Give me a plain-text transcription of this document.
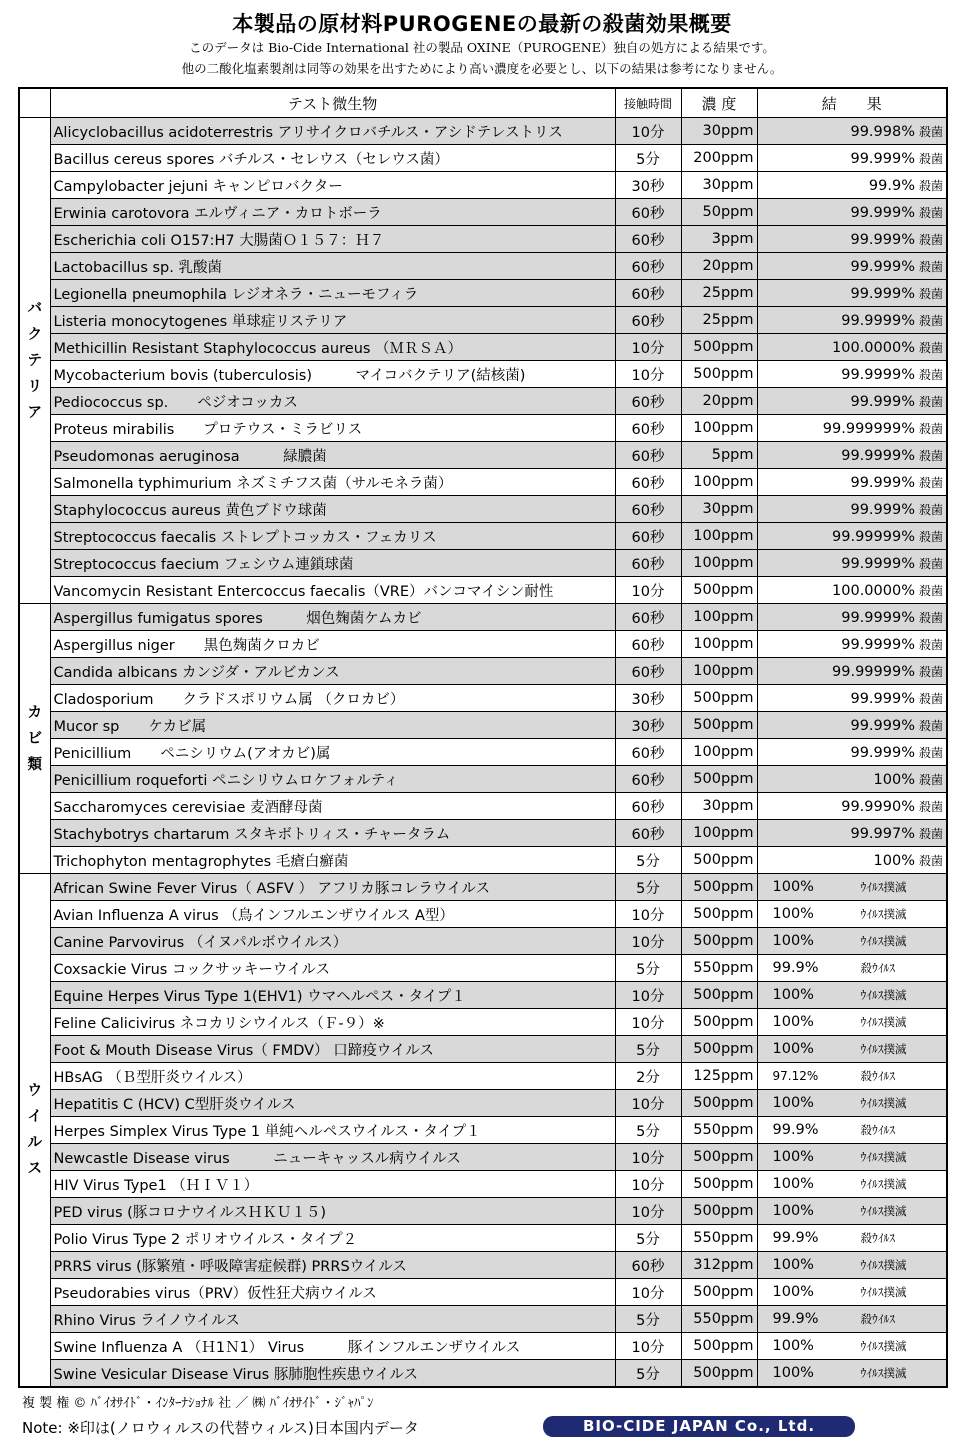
本製品の原材料PUROGENEの最新の殺菌効果概要
このデータは Bio-Cide International 社の製品 OXINE（PUROGENE）独自の処方による結果です。
他の二酸化塩素製剤は同等の効果を出すためにより高い濃度を必要とし、以下の結果は参考になりません。
	テスト微生物	接触時間	濃 度	結　　果

バ
ク
テ
リ
ア	Alicyclobacillus acidoterrestris アリサイクロバチルス・アシドテレストリス	10分	30ppm	99.998% 殺菌
	Bacillus cereus spores バチルス・セレウス（セレウス菌）	5分	200ppm	99.999% 殺菌
	Campylobacter jejuni キャンピロバクター	30秒	30ppm	99.9% 殺菌
	Erwinia carotovora エルヴィニア・カロトボーラ	60秒	50ppm	99.999% 殺菌
	Escherichia coli O157:H7 大腸菌Ｏ１５７：Ｈ７	60秒	3ppm	99.999% 殺菌
	Lactobacillus sp. 乳酸菌	60秒	20ppm	99.999% 殺菌
	Legionella pneumophila レジオネラ・ニューモフィラ	60秒	25ppm	99.999% 殺菌
	Listeria monocytogenes 単球症リステリア	60秒	25ppm	99.9999% 殺菌
	Methicillin Resistant Staphylococcus aureus （ＭＲＳＡ）	10分	500ppm	100.0000% 殺菌
	Mycobacterium bovis (tuberculosis)　　　マイコバクテリア(結核菌)	10分	500ppm	99.9999% 殺菌
	Pediococcus sp.　　ペジオコッカス	60秒	20ppm	99.999% 殺菌
	Proteus mirabilis　　プロテウス・ミラビリス	60秒	100ppm	99.999999% 殺菌
	Pseudomonas aeruginosa　　　緑膿菌	60秒	5ppm	99.9999% 殺菌
	Salmonella typhimurium ネズミチフス菌（サルモネラ菌）	60秒	100ppm	99.999% 殺菌
	Staphylococcus aureus 黄色ブドウ球菌	60秒	30ppm	99.999% 殺菌
	Streptococcus faecalis ストレプトコッカス・フェカリス	60秒	100ppm	99.99999% 殺菌
	Streptococcus faecium フェシウム連鎖球菌	60秒	100ppm	99.9999% 殺菌
	Vancomycin Resistant Entercoccus faecalis（VRE）バンコマイシン耐性	10分	500ppm	100.0000% 殺菌

カ
ビ
類	Aspergillus fumigatus spores　　　烟色麹菌ケムカビ	60秒	100ppm	99.9999% 殺菌
	Aspergillus niger　　黒色麹菌クロカビ	60秒	100ppm	99.9999% 殺菌
	Candida albicans カンジダ・アルビカンス	60秒	100ppm	99.99999% 殺菌
	Cladosporium　　クラドスポリウム属 （クロカビ）	30秒	500ppm	99.999% 殺菌
	Mucor sp　　ケカビ属	30秒	500ppm	99.999% 殺菌
	Penicillium　　ペニシリウム(アオカビ)属	60秒	100ppm	99.999% 殺菌
	Penicillium roqueforti ペニシリウムロケフォルティ	60秒	500ppm	100% 殺菌
	Saccharomyces cerevisiae 麦酒酵母菌	60秒	30ppm	99.9990% 殺菌
	Stachybotrys chartarum スタキボトリィス・チャータラム	60秒	100ppm	99.997% 殺菌
	Trichophyton mentagrophytes 毛瘡白癬菌	5分	500ppm	100% 殺菌

ウ
イ
ル
ス	African Swine Fever Virus（ ASFV ） アフリカ豚コレラウイルス	5分	500ppm	100% ｳｲﾙｽ撲滅
	Avian Influenza A virus （鳥インフルエンザウイルス A型）	10分	500ppm	100% ｳｲﾙｽ撲滅
	Canine Parvovirus （イヌパルボウイルス）	10分	500ppm	100% ｳｲﾙｽ撲滅
	Coxsackie Virus コックサッキーウイルス	5分	550ppm	99.9% 殺ｳｲﾙｽ
	Equine Herpes Virus Type 1(EHV1) ウマヘルペス・タイプ１	10分	500ppm	100% ｳｲﾙｽ撲滅
	Feline Calicivirus ネコカリシウイルス（Ｆ-９）※	10分	500ppm	100% ｳｲﾙｽ撲滅
	Foot & Mouth Disease Virus（ FMDV） 口蹄疫ウイルス	5分	500ppm	100% ｳｲﾙｽ撲滅
	HBsAG （Ｂ型肝炎ウイルス）	2分	125ppm	97.12% 殺ｳｲﾙｽ
	Hepatitis C (HCV) C型肝炎ウイルス	10分	500ppm	100% ｳｲﾙｽ撲滅
	Herpes Simplex Virus Type 1 単純ヘルペスウイルス・タイプ１	5分	550ppm	99.9% 殺ｳｲﾙｽ
	Newcastle Disease virus　　　ニューキャッスル病ウイルス	10分	500ppm	100% ｳｲﾙｽ撲滅
	HIV Virus Type1 （ＨＩＶ１）	10分	500ppm	100% ｳｲﾙｽ撲滅
	PED virus (豚コロナウイルスＨＫＵ１５)	10分	500ppm	100% ｳｲﾙｽ撲滅
	Polio Virus Type 2 ポリオウイルス・タイプ２	5分	550ppm	99.9% 殺ｳｲﾙｽ
	PRRS virus (豚繁殖・呼吸障害症候群) PRRSウイルス	60秒	312ppm	100% ｳｲﾙｽ撲滅
	Pseudorabies virus（PRV）仮性狂犬病ウイルス	10分	500ppm	100% ｳｲﾙｽ撲滅
	Rhino Virus ライノウイルス	5分	550ppm	99.9% 殺ｳｲﾙｽ
	Swine Influenza A （Ｈ1Ｎ1） Virus　　　豚インフルエンザウイルス	10分	500ppm	100% ｳｲﾙｽ撲滅
	Swine Vesicular Disease Virus 豚肺胞性疾患ウイルス	5分	500ppm	100% ｳｲﾙｽ撲滅
複 製 権 © ﾊﾞｲｵｻｲﾄﾞ・ｲﾝﾀｰﾅｼｮﾅﾙ 社 ／ ㈱ ﾊﾞｲｵｻｲﾄﾞ・ｼﾞｬﾊﾟﾝ
Note: ※印は(ノロウィルスの代替ウィルス)日本国内データ	BIO-CIDE JAPAN Co., Ltd.
